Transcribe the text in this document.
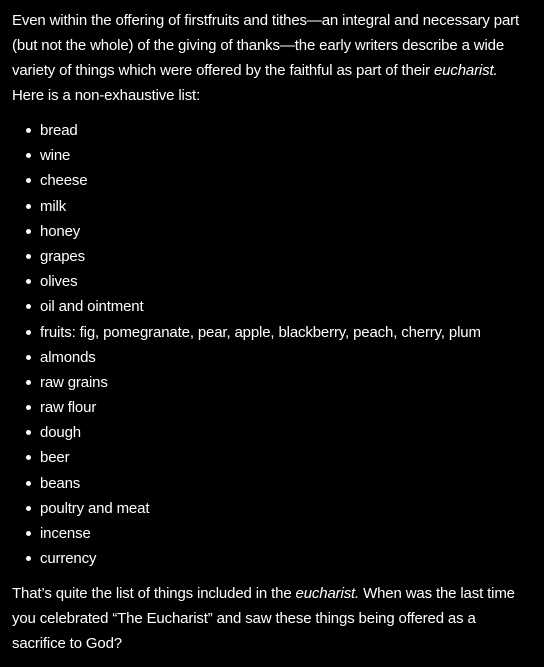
Even within the offering of firstfruits and tithes—an integral and necessary part (but not the whole) of the giving of thanks—the early writers describe a wide variety of things which were offered by the faithful as part of their eucharist. Here is a non-exhaustive list:

bread
wine
cheese
milk
honey
grapes
olives
oil and ointment
fruits: fig, pomegranate, pear, apple, blackberry, peach, cherry, plum
almonds
raw grains
raw flour
dough
beer
beans
poultry and meat
incense
currency

That’s quite the list of things included in the eucharist. When was the last time you celebrated “The Eucharist” and saw these things being offered as a sacrifice to God?
